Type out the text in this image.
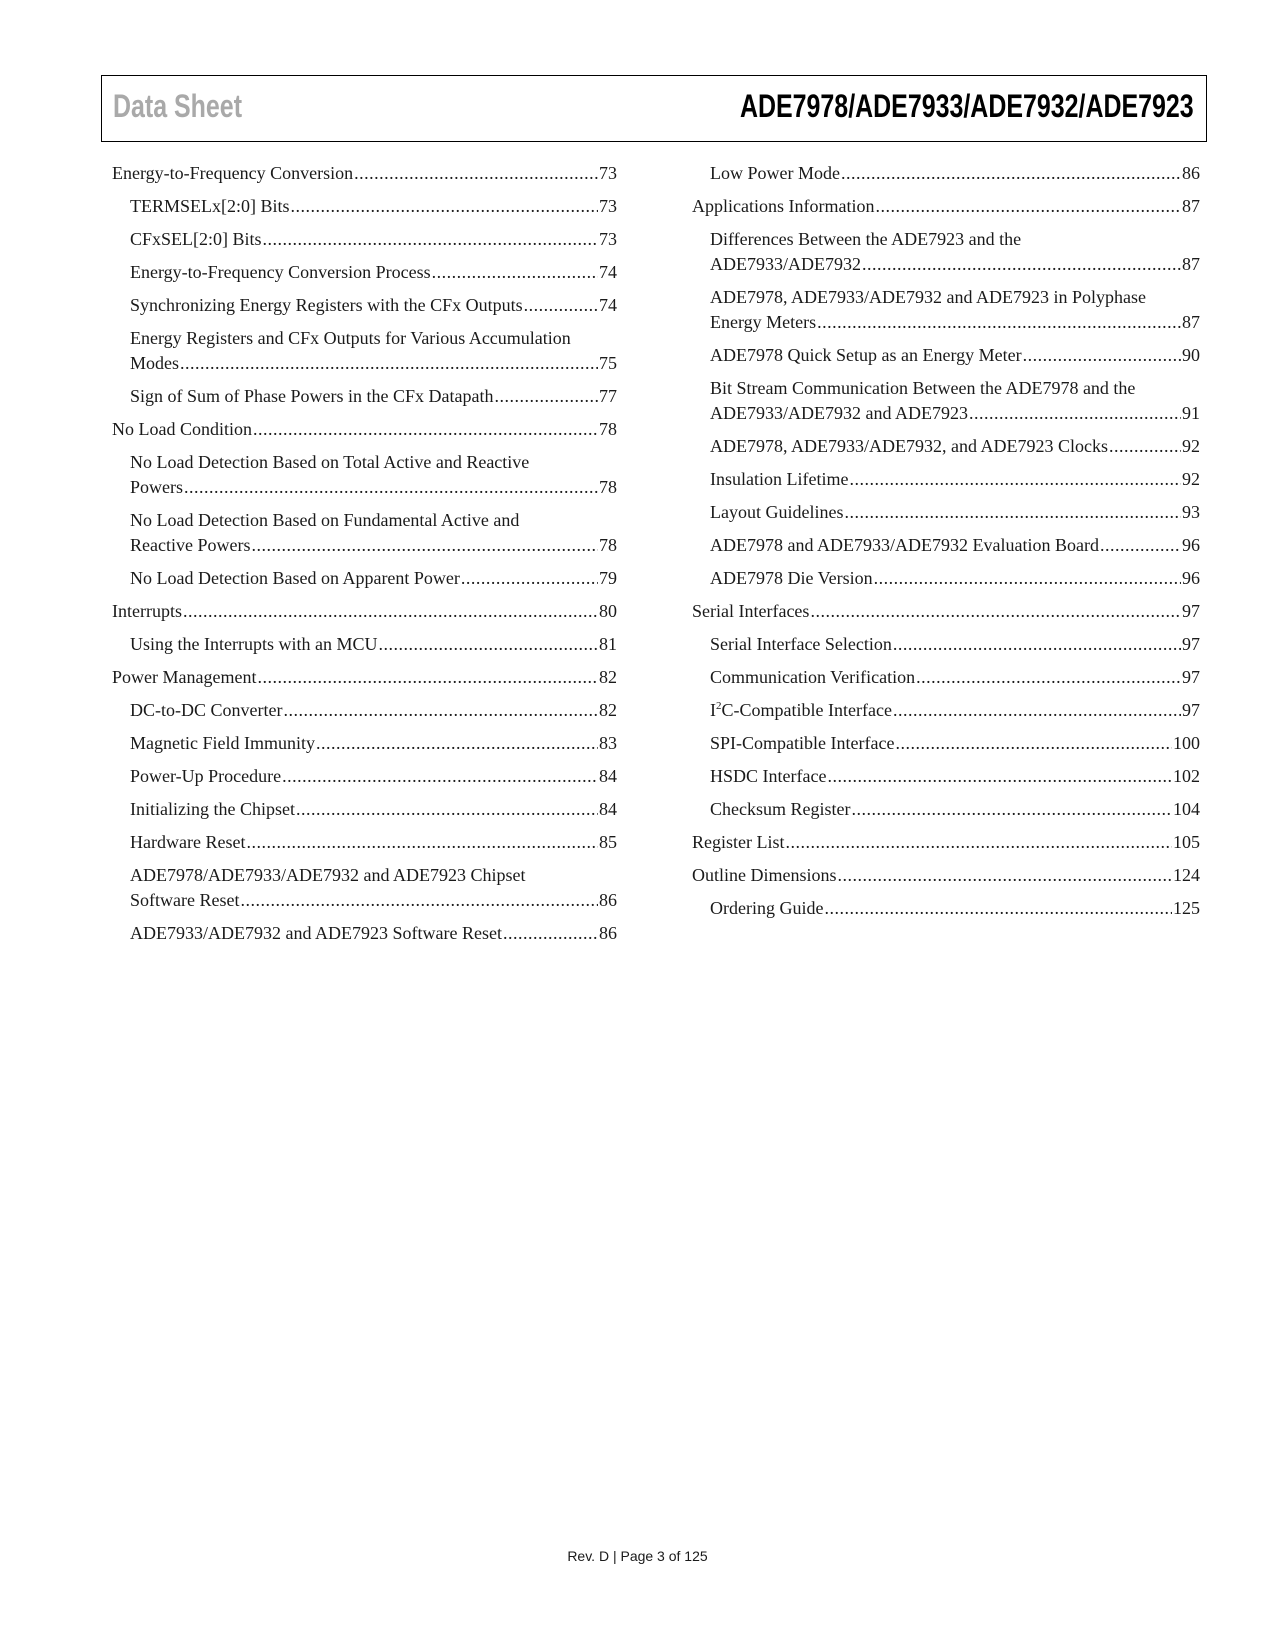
Data Sheet	ADE7978/ADE7933/ADE7932/ADE7923
Energy-to-Frequency Conversion .....	73
TERMSELx[2:0] Bits .....	73
CFxSEL[2:0] Bits .....	73
Energy-to-Frequency Conversion Process .....	74
Synchronizing Energy Registers with the CFx Outputs .....	74
Energy Registers and CFx Outputs for Various Accumulation
Modes .....	75
Sign of Sum of Phase Powers in the CFx Datapath .....	77
No Load Condition .....	78
No Load Detection Based on Total Active and Reactive
Powers .....	78
No Load Detection Based on Fundamental Active and
Reactive Powers .....	78
No Load Detection Based on Apparent Power .....	79
Interrupts .....	80
Using the Interrupts with an MCU .....	81
Power Management .....	82
DC-to-DC Converter .....	82
Magnetic Field Immunity .....	83
Power-Up Procedure .....	84
Initializing the Chipset .....	84
Hardware Reset .....	85
ADE7978/ADE7933/ADE7932 and ADE7923 Chipset
Software Reset .....	86
ADE7933/ADE7932 and ADE7923 Software Reset .....	86
Low Power Mode .....	86
Applications Information .....	87
Differences Between the ADE7923 and the
ADE7933/ADE7932 .....	87
ADE7978, ADE7933/ADE7932 and ADE7923 in Polyphase
Energy Meters .....	87
ADE7978 Quick Setup as an Energy Meter .....	90
Bit Stream Communication Between the ADE7978 and the
ADE7933/ADE7932 and ADE7923 .....	91
ADE7978, ADE7933/ADE7932, and ADE7923 Clocks .....	92
Insulation Lifetime .....	92
Layout Guidelines .....	93
ADE7978 and ADE7933/ADE7932 Evaluation Board .....	96
ADE7978 Die Version .....	96
Serial Interfaces .....	97
Serial Interface Selection .....	97
Communication Verification .....	97
$I^2C$-Compatible Interface .....	97
SPI-Compatible Interface .....	100
HSDC Interface .....	102
Checksum Register .....	104
Register List .....	105
Outline Dimensions .....	124
Ordering Guide .....	125
Rev. D | Page 3 of 125
